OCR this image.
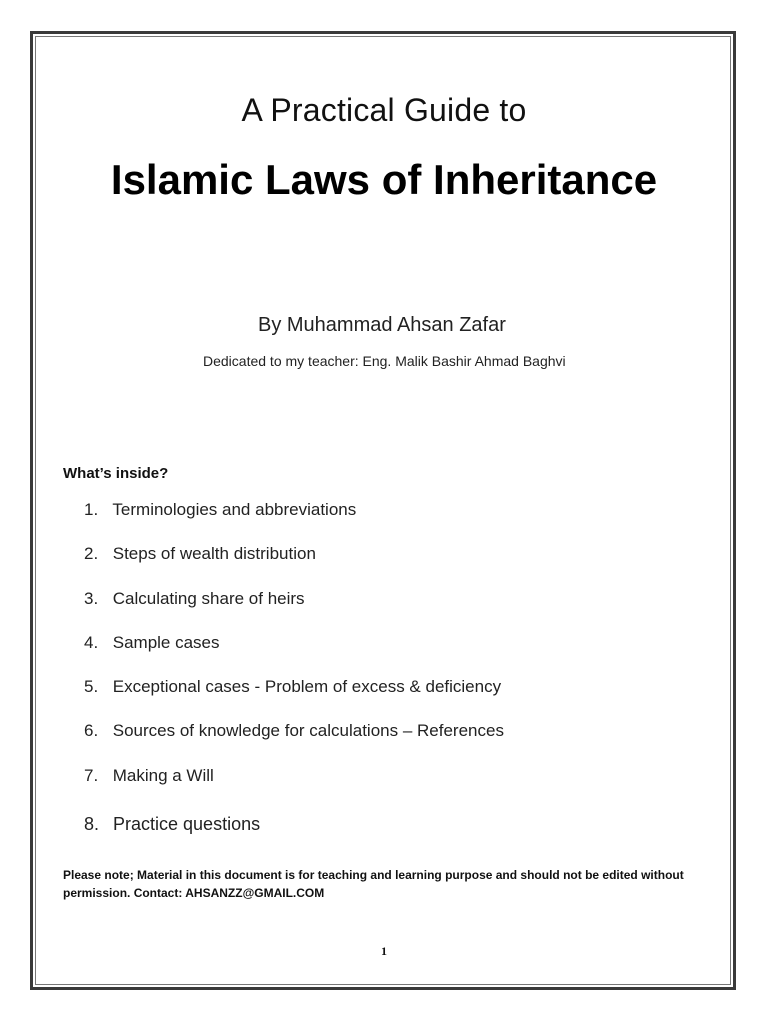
A Practical Guide to
Islamic Laws of Inheritance
By Muhammad Ahsan Zafar
Dedicated to my teacher: Eng. Malik Bashir Ahmad Baghvi
What’s inside?
1. Terminologies and abbreviations
2. Steps of wealth distribution
3. Calculating share of heirs
4. Sample cases
5. Exceptional cases - Problem of excess & deficiency
6. Sources of knowledge for calculations – References
7. Making a Will
8. Practice questions
Please note; Material in this document is for teaching and learning purpose and should not be edited without permission. Contact: AHSANZZ@GMAIL.COM
1
